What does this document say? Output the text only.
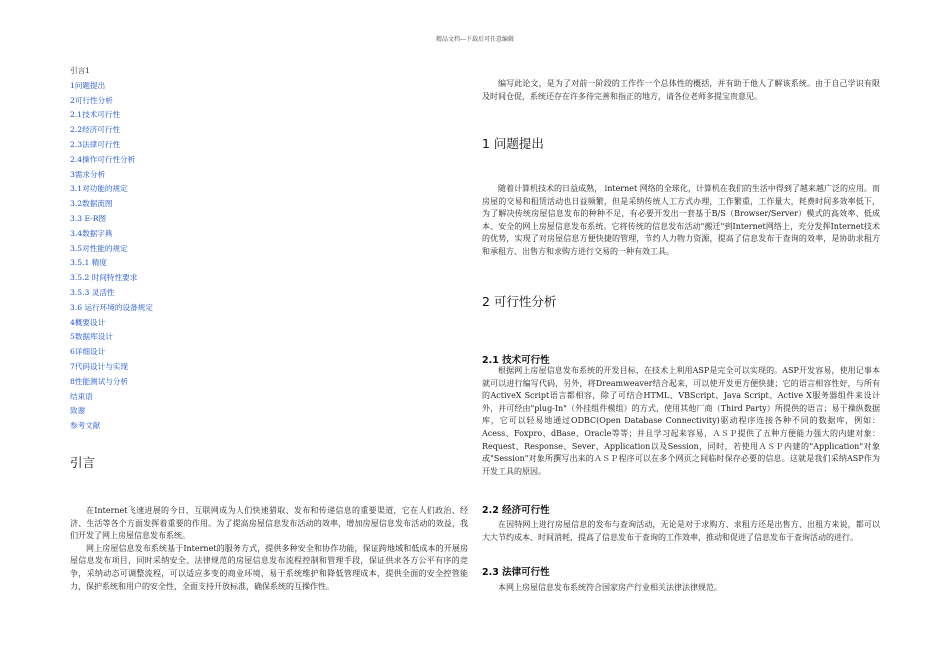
精品文档---下载后可任意编辑
引言1
1问题提出
2可行性分析
2.1技术可行性
2.2经济可行性
2.3法律可行性
2.4操作可行性分析
3需求分析
3.1对功能的规定
3.2数据流图
3.3 E-R图
3.4数据字典
3.5对性能的规定
3.5.1 精度
3.5.2 时间特性要求
3.5.3 灵活性
3.6 运行环境的设备规定
4概要设计
5数据库设计
6详细设计
7代码设计与实现
8性能测试与分析
结束语
致谢
参考文献
引言

在Internet飞速进展的今日，互联网成为人们快速猎取、发布和传递信息的重要渠道，它在人们政治、经济、生活等各个方面发挥着重要的作用。为了提高房屋信息发布活动的效率，增加房屋信息发布活动的效益，我们开发了网上房屋信息发布系统。

网上房屋信息发布系统基于Internet的服务方式，提供多种安全和协作功能，保证跨地域和低成本的开展房屋信息发布项目，同时采纳安全、法律规范的房屋信息发布流程控制和管理手段，保证供求各方公平有序的竞争，采纳动态可调整流程，可以适应多变的商业环境，易于系统维护和降低管理成本，提供全面的安全控管能力，保护系统和用户的安全性，全面支持开放标准，确保系统的互操作性。

编写此论文，是为了对前一阶段的工作作一个总体性的概括，并有助于他人了解该系统。由于自己学识有限及时间仓促，系统还存在许多待完善和指正的地方，请各位老师多提宝贵意见。

1 问题提出

随着计算机技术的日益成熟， internet 网络的全球化，计算机在我们的生活中得到了越来越广泛的应用。而房屋的交易和租赁活动也日益频繁，但是采纳传统人工方式办理，工作繁重，工作量大，耗费时间多效率低下，为了解决传统房屋信息发布的种种不足，有必要开发出一套基于B/S（Browser/Server）模式的高效率、低成本、安全的网上房屋信息发布系统。它将传统的信息发布活动"搬迁"到Internet网络上，充分发挥Internet技术的优势，实现了对房屋信息方便快捷的管理，节约人力物力资源，提高了信息发布于查询的效率，是协助求租方和承租方、出售方和求购方进行交易的一种有效工具。

2 可行性分析
2.1 技术可行性

根据网上房屋信息发布系统的开发目标，在技术上利用ASP是完全可以实现的。ASP开发容易，使用记事本就可以进行编写代码，另外，将Dreamweaver结合起来，可以使开发更方便快捷；它的语言相容性好，与所有的ActiveX Script语言都相容，除了可结合HTML、VBScript、Java Script、Active X服务器组件来设计外，并可经由"plug-In"（外挂组件模组）的方式，使用其他厂商（Third Party）所提供的语言；易于操纵数据库，它可以轻易地通过ODBC(Open Database Connectivity)驱动程序连接各种不同的数据库，例如：Acess、Foxpro、dBase、Oracle等等；并且学习起来容易，ＡＳＰ提供了五种方便能力强大的内建对象：Request、Response、Sever、Application以及Session，同时，若使用ＡＳＰ内建的"Application"对象或"Session"对象所撰写出来的ＡＳＰ程序可以在多个网页之间临时保存必要的信息。这就是我们采纳ASP作为开发工具的原因。

2.2 经济可行性

在因特网上进行房屋信息的发布与查询活动，无论是对于求购方、求租方还是出售方、出租方来说，都可以大大节约成本、时间消耗，提高了信息发布于查询的工作效率，推动和促进了信息发布于查询活动的进行。

2.3 法律可行性

本网上房屋信息发布系统符合国家房产行业相关法律法律规范。
